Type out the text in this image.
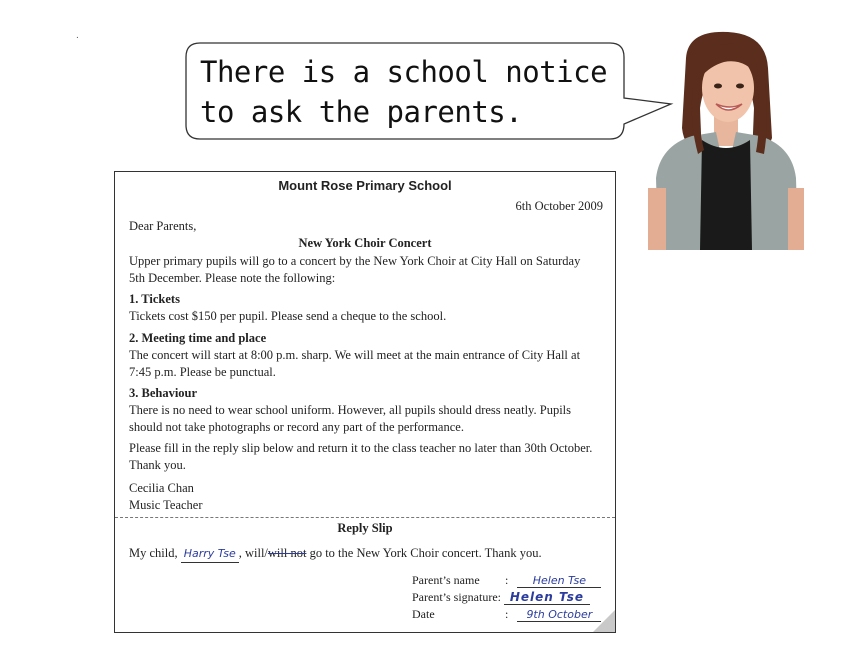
.
There is a school notice
to ask the parents.
Mount Rose Primary School
6th October 2009
Dear Parents,
New York Choir Concert
Upper primary pupils will go to a concert by the New York Choir at City Hall on Saturday
5th December. Please note the following:
1. Tickets
Tickets cost $150 per pupil. Please send a cheque to the school.
2. Meeting time and place
The concert will start at 8:00 p.m. sharp. We will meet at the main entrance of City Hall at
7:45 p.m. Please be punctual.
3. Behaviour
There is no need to wear school uniform. However, all pupils should dress neatly. Pupils
should not take photographs or record any part of the performance.
Please fill in the reply slip below and return it to the class teacher no later than 30th October.
Thank you.
Cecilia Chan
Music Teacher
Reply Slip
My child, Harry Tse , will/will not go to the New York Choir concert. Thank you.
Parent’s name : Helen Tse
Parent’s signature: Helen Tse
Date	: 9th October
